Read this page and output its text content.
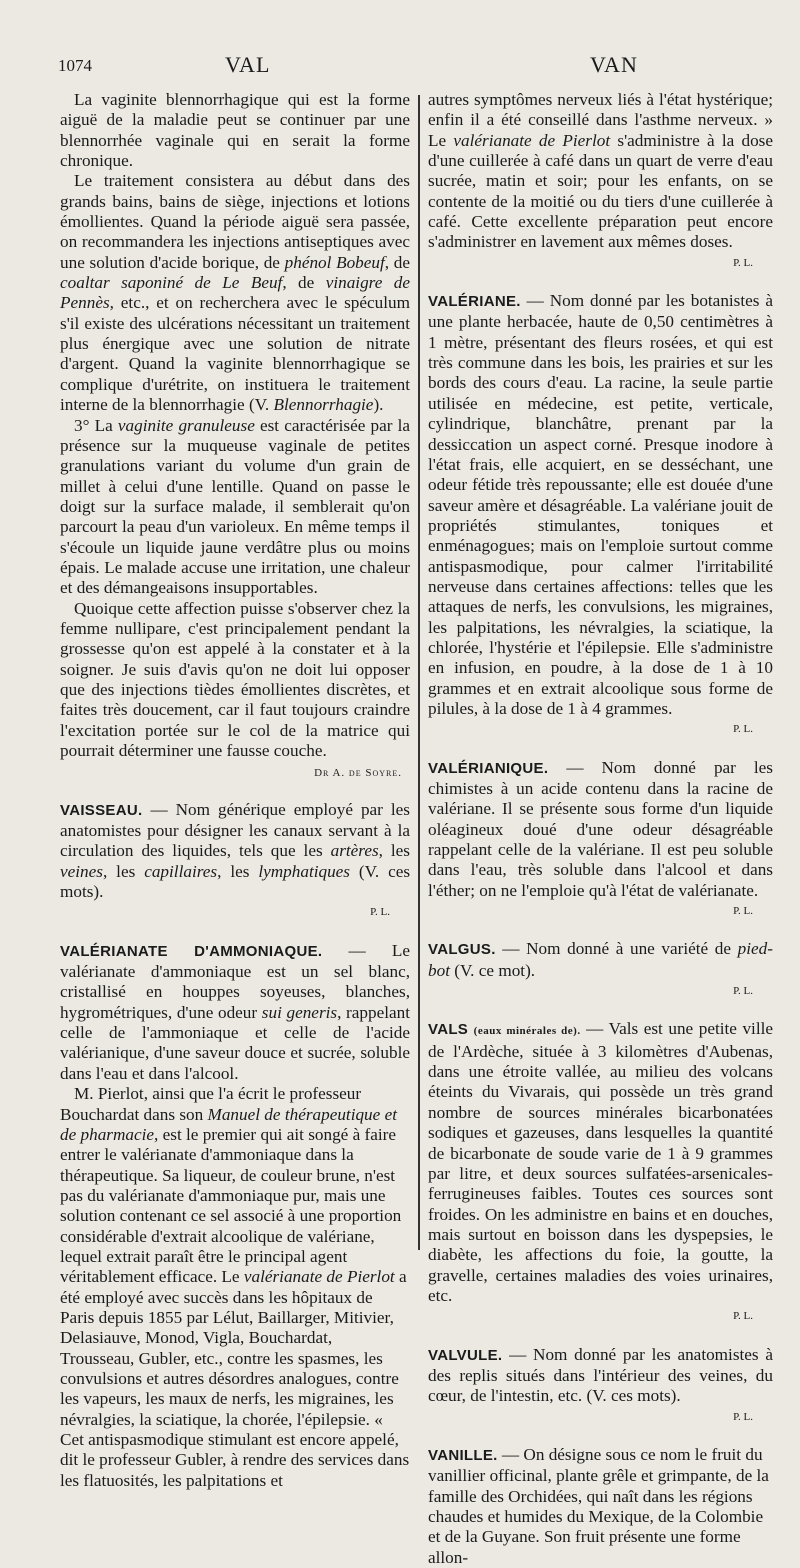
1074	VAL	VAN

La vaginite blennorrhagique qui est la forme aiguë de la maladie peut se continuer par une blennorrhée vaginale qui en serait la forme chronique.

Le traitement consistera au début dans des grands bains, bains de siège, injections et lotions émollientes. Quand la période aiguë sera passée, on recommandera les injections antiseptiques avec une solution d'acide borique, de phénol Bobeuf, de coaltar saponiné de Le Beuf, de vinaigre de Pennès, etc., et on recherchera avec le spéculum s'il existe des ulcérations nécessitant un traitement plus énergique avec une solution de nitrate d'argent. Quand la vaginite blennorrhagique se complique d'urétrite, on instituera le traitement interne de la blennorrhagie (V. Blennorrhagie).

3° La vaginite granuleuse est caractérisée par la présence sur la muqueuse vaginale de petites granulations variant du volume d'un grain de millet à celui d'une lentille. Quand on passe le doigt sur la surface malade, il semblerait qu'on parcourt la peau d'un varioleux. En même temps il s'écoule un liquide jaune verdâtre plus ou moins épais. Le malade accuse une irritation, une chaleur et des démangeaisons insupportables.

Quoique cette affection puisse s'observer chez la femme nullipare, c'est principalement pendant la grossesse qu'on est appelé à la constater et à la soigner. Je suis d'avis qu'on ne doit lui opposer que des injections tièdes émollientes discrètes, et faites très doucement, car il faut toujours craindre l'excitation portée sur le col de la matrice qui pourrait déterminer une fausse couche.

Dr A. de Soyre.

VAISSEAU. — Nom générique employé par les anatomistes pour désigner les canaux servant à la circulation des liquides, tels que les artères, les veines, les capillaires, les lymphatiques (V. ces mots).

P. L.

VALÉRIANATE D'AMMONIAQUE. — Le valérianate d'ammoniaque est un sel blanc, cristallisé en houppes soyeuses, blanches, hygrométriques, d'une odeur sui generis, rappelant celle de l'ammoniaque et celle de l'acide valérianique, d'une saveur douce et sucrée, soluble dans l'eau et dans l'alcool.

M. Pierlot, ainsi que l'a écrit le professeur Bouchardat dans son Manuel de thérapeutique et de pharmacie, est le premier qui ait songé à faire entrer le valérianate d'ammoniaque dans la thérapeutique. Sa liqueur, de couleur brune, n'est pas du valérianate d'ammoniaque pur, mais une solution contenant ce sel associé à une proportion considérable d'extrait alcoolique de valériane, lequel extrait paraît être le principal agent véritablement efficace. Le valérianate de Pierlot a été employé avec succès dans les hôpitaux de Paris depuis 1855 par Lélut, Baillarger, Mitivier, Delasiauve, Monod, Vigla, Bouchardat, Trousseau, Gubler, etc., contre les spasmes, les convulsions et autres désordres analogues, contre les vapeurs, les maux de nerfs, les migraines, les névralgies, la sciatique, la chorée, l'épilepsie. « Cet antispasmodique stimulant est encore appelé, dit le professeur Gubler, à rendre des services dans les flatuosités, les palpitations et

autres symptômes nerveux liés à l'état hystérique; enfin il a été conseillé dans l'asthme nerveux. » Le valérianate de Pierlot s'administre à la dose d'une cuillerée à café dans un quart de verre d'eau sucrée, matin et soir; pour les enfants, on se contente de la moitié ou du tiers d'une cuillerée à café. Cette excellente préparation peut encore s'administrer en lavement aux mêmes doses.

P. L.

VALÉRIANE. — Nom donné par les botanistes à une plante herbacée, haute de 0,50 centimètres à 1 mètre, présentant des fleurs rosées, et qui est très commune dans les bois, les prairies et sur les bords des cours d'eau. La racine, la seule partie utilisée en médecine, est petite, verticale, cylindrique, blanchâtre, prenant par la dessiccation un aspect corné. Presque inodore à l'état frais, elle acquiert, en se desséchant, une odeur fétide très repoussante; elle est douée d'une saveur amère et désagréable. La valériane jouit de propriétés stimulantes, toniques et enménagogues; mais on l'emploie surtout comme antispasmodique, pour calmer l'irritabilité nerveuse dans certaines affections: telles que les attaques de nerfs, les convulsions, les migraines, les palpitations, les névralgies, la sciatique, la chlorée, l'hystérie et l'épilepsie. Elle s'administre en infusion, en poudre, à la dose de 1 à 10 grammes et en extrait alcoolique sous forme de pilules, à la dose de 1 à 4 grammes.

P. L.

VALÉRIANIQUE. — Nom donné par les chimistes à un acide contenu dans la racine de valériane. Il se présente sous forme d'un liquide oléagineux doué d'une odeur désagréable rappelant celle de la valériane. Il est peu soluble dans l'eau, très soluble dans l'alcool et dans l'éther; on ne l'emploie qu'à l'état de valérianate.

P. L.

VALGUS. — Nom donné à une variété de pied-bot (V. ce mot).

P. L.

VALS (eaux minérales de). — Vals est une petite ville de l'Ardèche, située à 3 kilomètres d'Aubenas, dans une étroite vallée, au milieu des volcans éteints du Vivarais, qui possède un très grand nombre de sources minérales bicarbonatées sodiques et gazeuses, dans lesquelles la quantité de bicarbonate de soude varie de 1 à 9 grammes par litre, et deux sources sulfatées-arsenicales-ferrugineuses faibles. Toutes ces sources sont froides. On les administre en bains et en douches, mais surtout en boisson dans les dyspepsies, le diabète, les affections du foie, la goutte, la gravelle, certaines maladies des voies urinaires, etc.

P. L.

VALVULE. — Nom donné par les anatomistes à des replis situés dans l'intérieur des veines, du cœur, de l'intestin, etc. (V. ces mots).

P. L.

VANILLE. — On désigne sous ce nom le fruit du vanillier officinal, plante grêle et grimpante, de la famille des Orchidées, qui naît dans les régions chaudes et humides du Mexique, de la Colombie et de la Guyane. Son fruit présente une forme allon-
